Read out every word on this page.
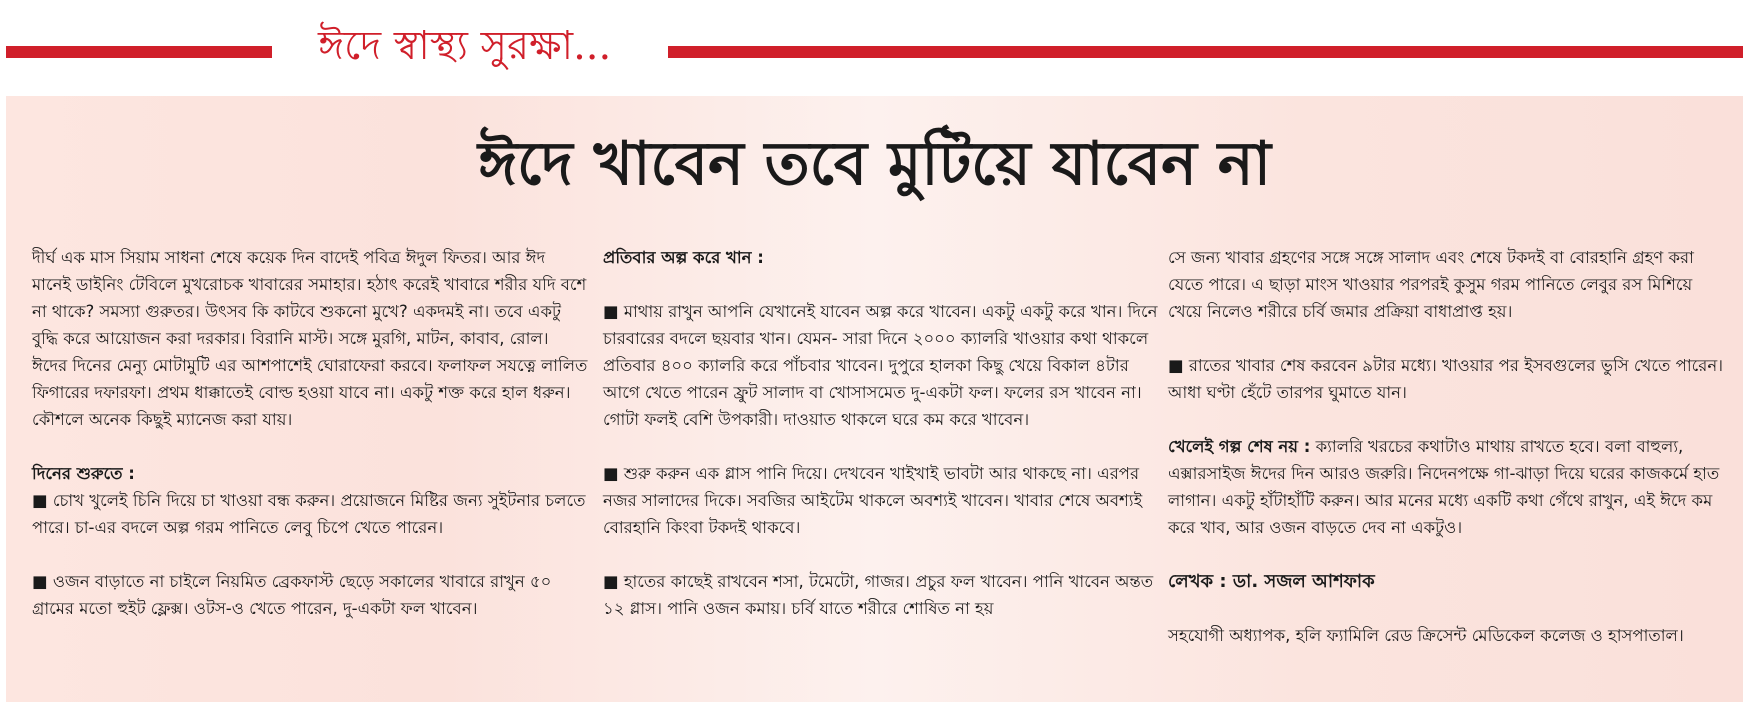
ঈদে স্বাস্থ্য সুরক্ষা...
ঈদে খাবেন তবে মুটিয়ে যাবেন না

দীর্ঘ এক মাস সিয়াম সাধনা শেষে কয়েক দিন বাদেই পবিত্র ঈদুল ফিতর। আর ঈদ মানেই ডাইনিং টেবিলে মুখরোচক খাবারের সমাহার। হঠাৎ করেই খাবারে শরীর যদি বশে না থাকে? সমস্যা গুরুতর। উৎসব কি কাটবে শুকনো মুখে? একদমই না। তবে একটু বুদ্ধি করে আয়োজন করা দরকার। বিরানি মাস্ট। সঙ্গে মুরগি, মাটন, কাবাব, রোল। ঈদের দিনের মেন্যু মোটামুটি এর আশপাশেই ঘোরাফেরা করবে। ফলাফল সযত্নে লালিত ফিগারের দফারফা। প্রথম ধাক্কাতেই বোল্ড হওয়া যাবে না। একটু শক্ত করে হাল ধরুন। কৌশলে অনেক কিছুই ম্যানেজ করা যায়।

দিনের শুরুতে :

■ চোখ খুলেই চিনি দিয়ে চা খাওয়া বন্ধ করুন। প্রয়োজনে মিষ্টির জন্য সুইটনার চলতে পারে। চা-এর বদলে অল্প গরম পানিতে লেবু চিপে খেতে পারেন।

■ ওজন বাড়াতে না চাইলে নিয়মিত ব্রেকফাস্ট ছেড়ে সকালের খাবারে রাখুন ৫০ গ্রামের মতো হুইট ফ্লেক্স। ওটস-ও খেতে পারেন, দু-একটা ফল খাবেন।

প্রতিবার অল্প করে খান :

■ মাথায় রাখুন আপনি যেখানেই যাবেন অল্প করে খাবেন। একটু একটু করে খান। দিনে চারবারের বদলে ছয়বার খান। যেমন- সারা দিনে ২০০০ ক্যালরি খাওয়ার কথা থাকলে প্রতিবার ৪০০ ক্যালরি করে পাঁচবার খাবেন। দুপুরে হালকা কিছু খেয়ে বিকাল ৪টার আগে খেতে পারেন ফ্রুট সালাদ বা খোসাসমেত দু-একটা ফল। ফলের রস খাবেন না। গোটা ফলই বেশি উপকারী। দাওয়াত থাকলে ঘরে কম করে খাবেন।

■ শুরু করুন এক গ্লাস পানি দিয়ে। দেখবেন খাইখাই ভাবটা আর থাকছে না। এরপর নজর সালাদের দিকে। সবজির আইটেম থাকলে অবশ্যই খাবেন। খাবার শেষে অবশ্যই বোরহানি কিংবা টকদই থাকবে।

■ হাতের কাছেই রাখবেন শসা, টমেটো, গাজর। প্রচুর ফল খাবেন। পানি খাবেন অন্তত ১২ গ্লাস। পানি ওজন কমায়। চর্বি যাতে শরীরে শোষিত না হয়

সে জন্য খাবার গ্রহণের সঙ্গে সঙ্গে সালাদ এবং শেষে টকদই বা বোরহানি গ্রহণ করা যেতে পারে। এ ছাড়া মাংস খাওয়ার পরপরই কুসুম গরম পানিতে লেবুর রস মিশিয়ে খেয়ে নিলেও শরীরে চর্বি জমার প্রক্রিয়া বাধাপ্রাপ্ত হয়।

■ রাতের খাবার শেষ করবেন ৯টার মধ্যে। খাওয়ার পর ইসবগুলের ভুসি খেতে পারেন। আধা ঘণ্টা হেঁটে তারপর ঘুমাতে যান।

খেলেই গল্প শেষ নয় : ক্যালরি খরচের কথাটাও মাথায় রাখতে হবে। বলা বাহুল্য, এক্সারসাইজ ঈদের দিন আরও জরুরি। নিদেনপক্ষে গা-ঝাড়া দিয়ে ঘরের কাজকর্মে হাত লাগান। একটু হাঁটাহাঁটি করুন। আর মনের মধ্যে একটি কথা গেঁথে রাখুন, এই ঈদে কম করে খাব, আর ওজন বাড়তে দেব না একটুও।

লেখক : ডা. সজল আশফাক

সহযোগী অধ্যাপক, হলি ফ্যামিলি রেড ক্রিসেন্ট মেডিকেল কলেজ ও হাসপাতাল।
